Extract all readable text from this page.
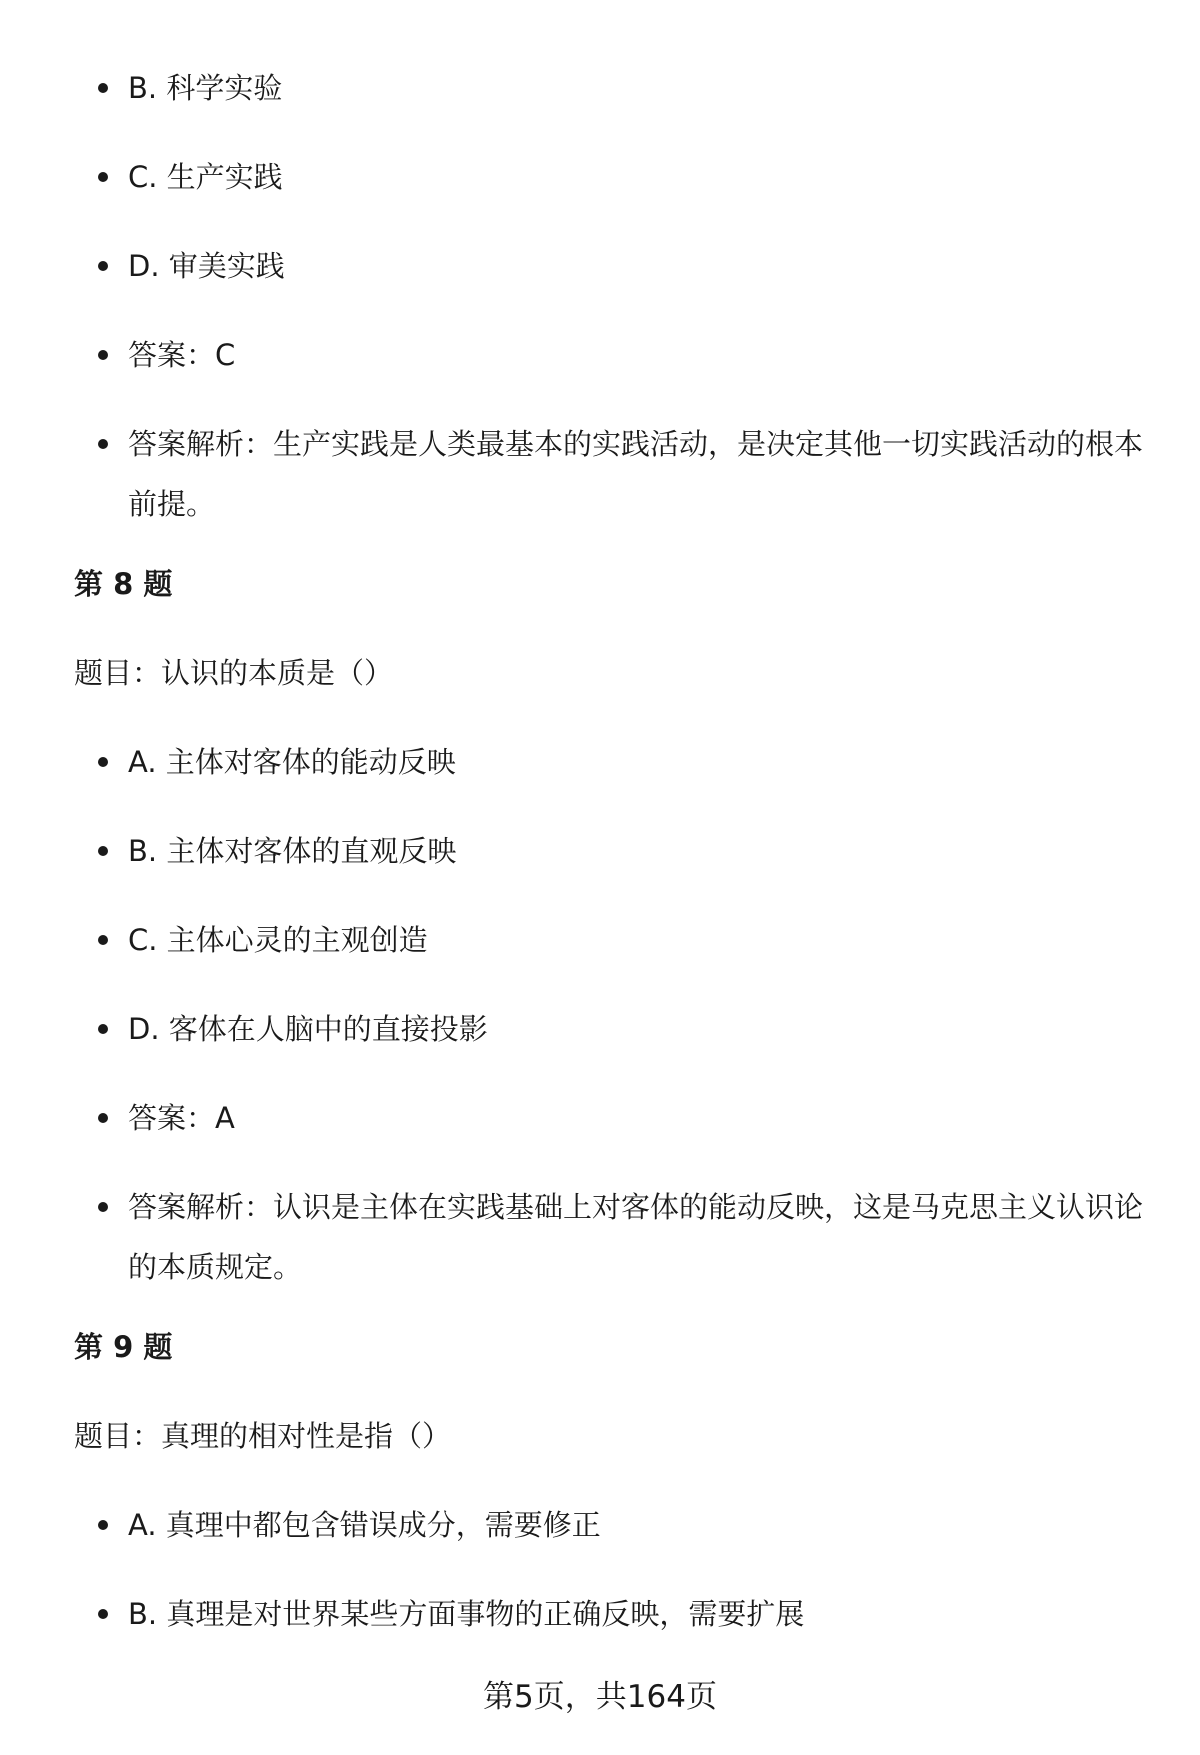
B. 科学实验
C. 生产实践
D. 审美实践
答案：C
答案解析：生产实践是人类最基本的实践活动，是决定其他一切实践活动的根本前提。
第 8 题
题目：认识的本质是（）
A. 主体对客体的能动反映
B. 主体对客体的直观反映
C. 主体心灵的主观创造
D. 客体在人脑中的直接投影
答案：A
答案解析：认识是主体在实践基础上对客体的能动反映，这是马克思主义认识论的本质规定。
第 9 题
题目：真理的相对性是指（）
A. 真理中都包含错误成分，需要修正
B. 真理是对世界某些方面事物的正确反映，需要扩展
第5页，共164页
